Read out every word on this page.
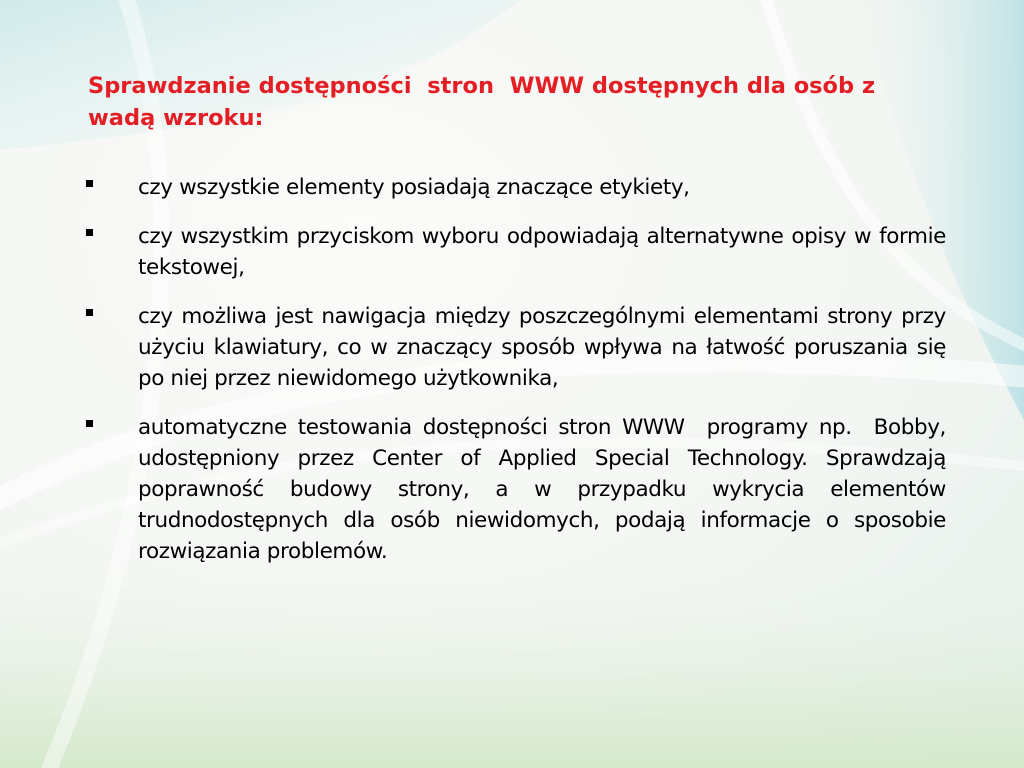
Sprawdzanie dostępności  stron  WWW dostępnych dla osób z wadą wzroku:
czy wszystkie elementy posiadają znaczące etykiety,
czy wszystkim przyciskom wyboru odpowiadają alternatywne opisy w formie tekstowej,
czy możliwa jest nawigacja między poszczególnymi elementami strony przy użyciu klawiatury, co w znaczący sposób wpływa na łatwość poruszania się po niej przez niewidomego użytkownika,
automatyczne testowania dostępności stron WWW  programy np.  Bobby, udostępniony przez Center of Applied Special Technology. Sprawdzają poprawność budowy strony, a w przypadku wykrycia elementów trudnodostępnych dla osób niewidomych, podają informacje o sposobie rozwiązania problemów.
